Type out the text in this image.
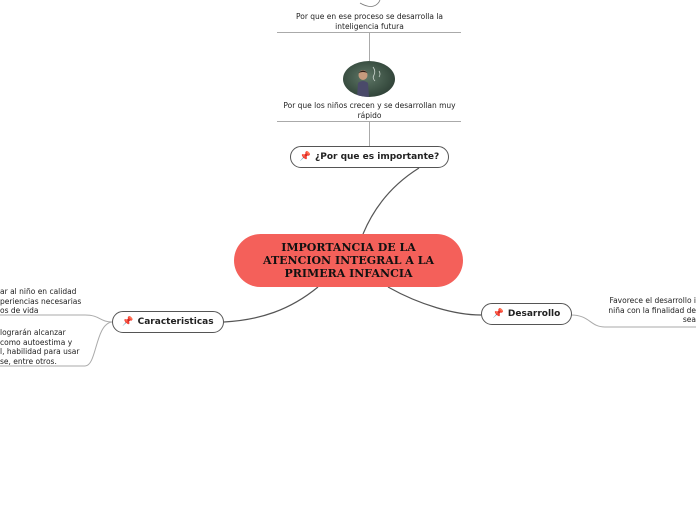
Por que en ese proceso se desarrolla la inteligencia futura
Por que los niños crecen y se desarrollan muy rápido
📌 ¿Por que es importante?
IMPORTANCIA DE LA ATENCION INTEGRAL A LA PRIMERA INFANCIA
📌 Desarrollo
📌 Caracteristicas
Favorece el desarrollo i
niña con la finalidad de
sea
ar al niño en calidad
periencias necesarias
os de vida
lograrán alcanzar
como autoestima y
l, habilidad para usar
se, entre otros.
